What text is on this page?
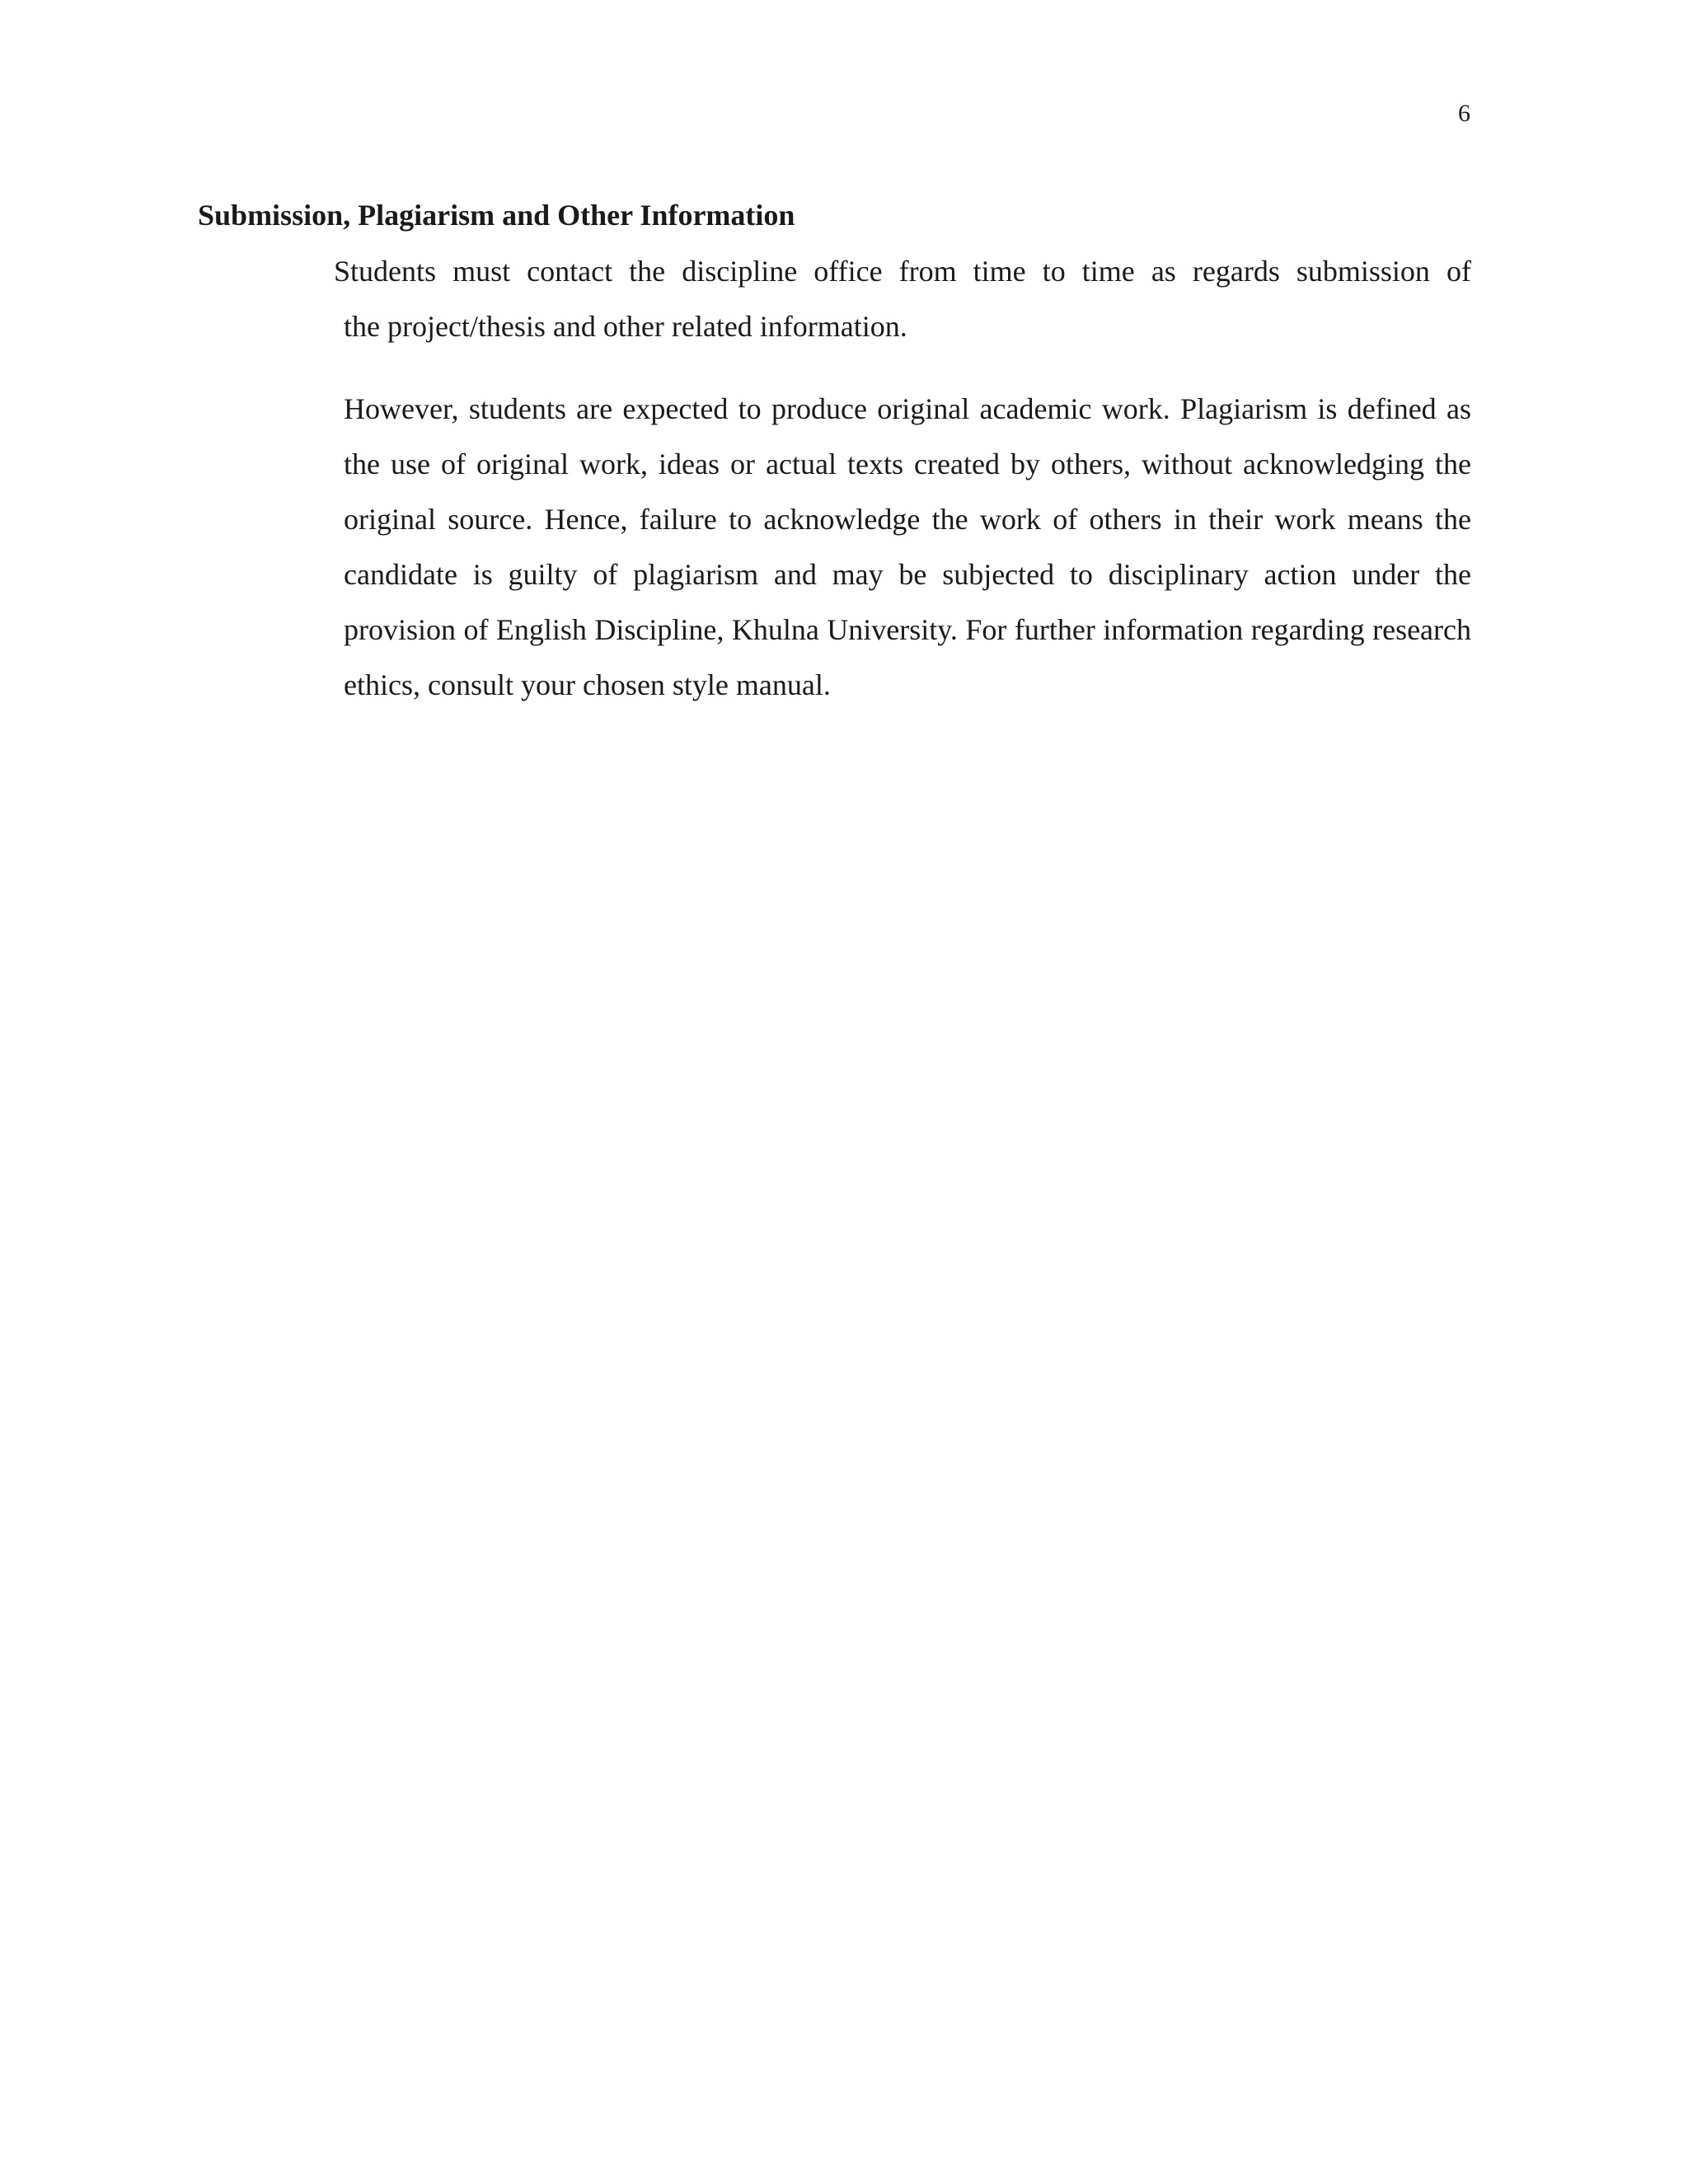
6
Submission, Plagiarism and Other Information

Students must contact the discipline office from time to time as regards submission of
the project/thesis and other related information.

However, students are expected to produce original academic work. Plagiarism is defined as the use of original work, ideas or actual texts created by others, without acknowledging the original source. Hence, failure to acknowledge the work of others in their work means the candidate is guilty of plagiarism and may be subjected to disciplinary action under the provision of English Discipline, Khulna University. For further information regarding research ethics, consult your chosen style manual.
